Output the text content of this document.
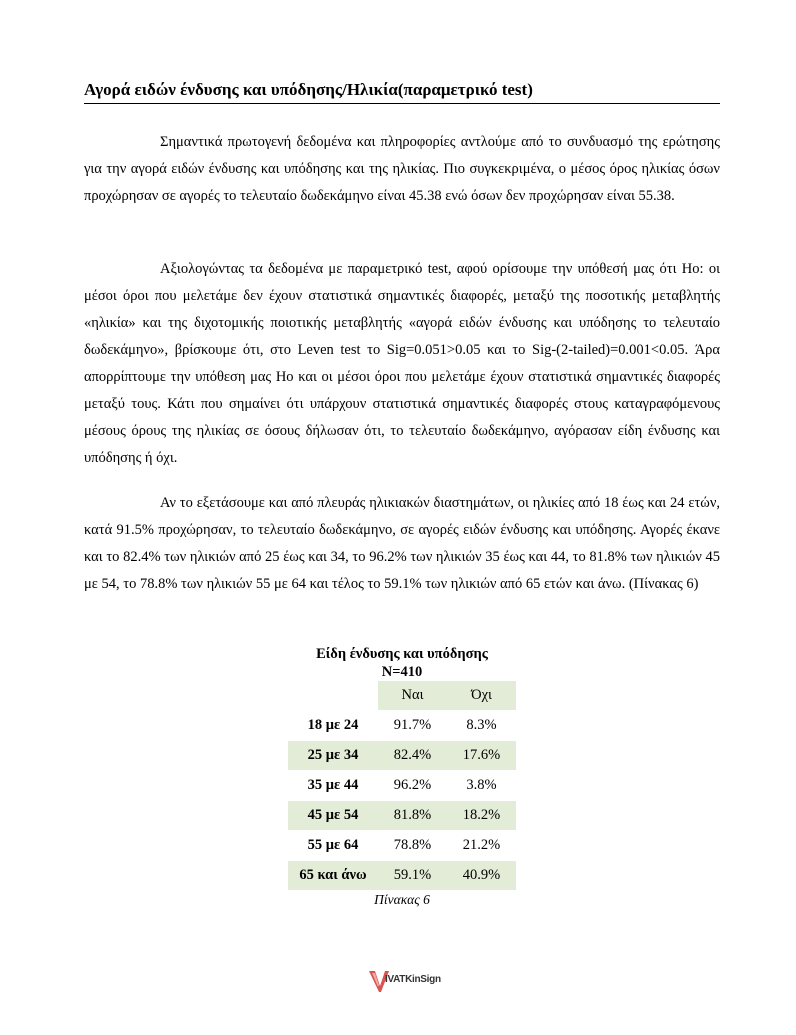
Αγορά ειδών ένδυσης και υπόδησης/Ηλικία(παραμετρικό test)

Σημαντικά πρωτογενή δεδομένα και πληροφορίες αντλούμε από το συνδυασμό της ερώτησης για την αγορά ειδών ένδυσης και υπόδησης και της ηλικίας. Πιο συγκεκριμένα, ο μέσος όρος ηλικίας όσων προχώρησαν σε αγορές το τελευταίο δωδεκάμηνο είναι 45.38 ενώ όσων δεν προχώρησαν είναι 55.38.

Αξιολογώντας τα δεδομένα με παραμετρικό test, αφού ορίσουμε την υπόθεσή μας ότι Ho: οι μέσοι όροι που μελετάμε δεν έχουν στατιστικά σημαντικές διαφορές, μεταξύ της ποσοτικής μεταβλητής «ηλικία» και της διχοτομικής ποιοτικής μεταβλητής «αγορά ειδών ένδυσης και υπόδησης το τελευταίο δωδεκάμηνο», βρίσκουμε ότι, στο Leven test το Sig=0.051>0.05 και το Sig-(2-tailed)=0.001<0.05. Άρα απορρίπτουμε την υπόθεση μας Ho και οι μέσοι όροι που μελετάμε έχουν στατιστικά σημαντικές διαφορές μεταξύ τους. Κάτι που σημαίνει ότι υπάρχουν στατιστικά σημαντικές διαφορές στους καταγραφόμενους μέσους όρους της ηλικίας σε όσους δήλωσαν ότι, το τελευταίο δωδεκάμηνο, αγόρασαν είδη ένδυσης και υπόδησης ή όχι.

Αν το εξετάσουμε και από πλευράς ηλικιακών διαστημάτων, οι ηλικίες από 18 έως και 24 ετών, κατά 91.5% προχώρησαν, το τελευταίο δωδεκάμηνο, σε αγορές ειδών ένδυσης και υπόδησης. Αγορές έκανε και το 82.4% των ηλικιών από 25 έως και 34, το 96.2% των ηλικιών 35 έως και 44, το 81.8% των ηλικιών 45 με 54, το 78.8% των ηλικιών 55 με 64 και τέλος το 59.1% των ηλικιών από 65 ετών και άνω. (Πίνακας 6)

Είδη ένδυσης και υπόδησης
N=410
	Ναι	Όχι
18 με 24	91.7%	8.3%
25 με 34	82.4%	17.6%
35 με 44	96.2%	3.8%
45 με 54	81.8%	18.2%
55 με 64	78.8%	21.2%
65 και άνω	59.1%	40.9%
Πίνακας 6
IVATKinSign
